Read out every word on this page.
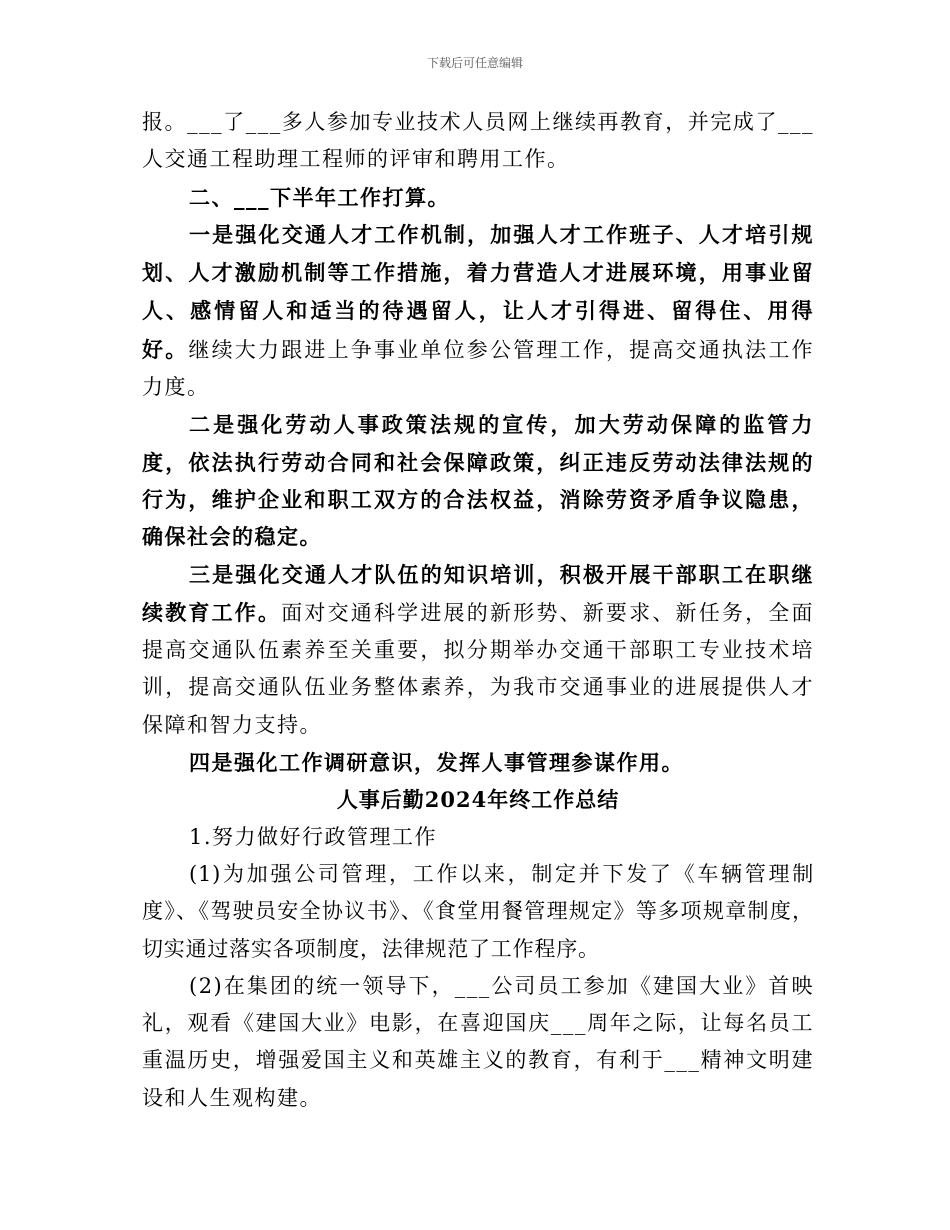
下载后可任意编辑

报。___了___多人参加专业技术人员网上继续再教育，并完成了___人交通工程助理工程师的评审和聘用工作。

二、___下半年工作打算。

一是强化交通人才工作机制，加强人才工作班子、人才培引规划、人才激励机制等工作措施，着力营造人才进展环境，用事业留人、感情留人和适当的待遇留人，让人才引得进、留得住、用得好。继续大力跟进上争事业单位参公管理工作，提高交通执法工作力度。

二是强化劳动人事政策法规的宣传，加大劳动保障的监管力度，依法执行劳动合同和社会保障政策，纠正违反劳动法律法规的行为，维护企业和职工双方的合法权益，消除劳资矛盾争议隐患，确保社会的稳定。

三是强化交通人才队伍的知识培训，积极开展干部职工在职继续教育工作。面对交通科学进展的新形势、新要求、新任务，全面提高交通队伍素养至关重要，拟分期举办交通干部职工专业技术培训，提高交通队伍业务整体素养，为我市交通事业的进展提供人才保障和智力支持。

四是强化工作调研意识，发挥人事管理参谋作用。

人事后勤2024年终工作总结

1.努力做好行政管理工作

(1)为加强公司管理，工作以来，制定并下发了《车辆管理制度》、《驾驶员安全协议书》、《食堂用餐管理规定》等多项规章制度，切实通过落实各项制度，法律规范了工作程序。

(2)在集团的统一领导下，___公司员工参加《建国大业》首映礼，观看《建国大业》电影，在喜迎国庆___周年之际，让每名员工重温历史，增强爱国主义和英雄主义的教育，有利于___精神文明建设和人生观构建。
